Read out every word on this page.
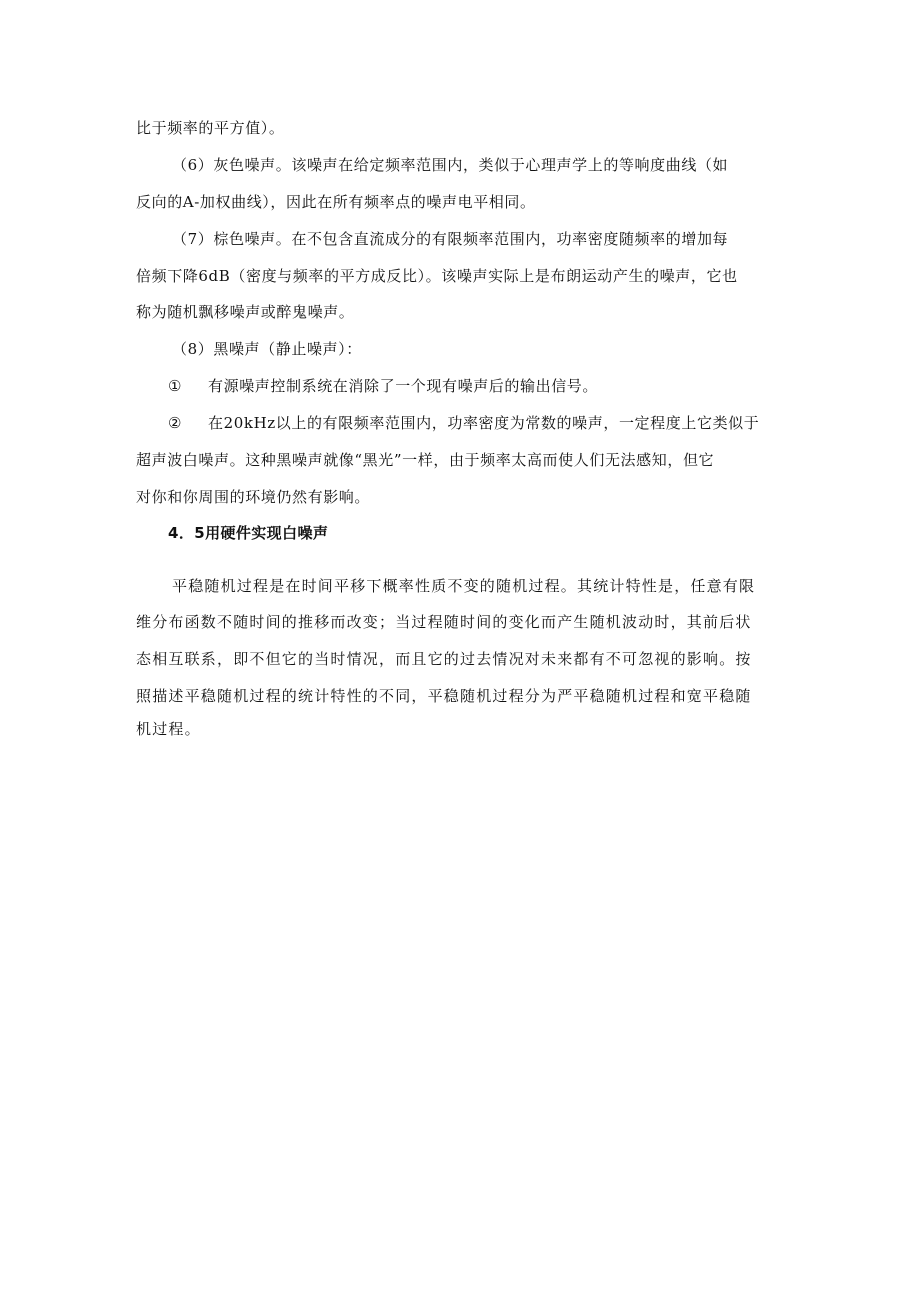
比于频率的平方值）。
（6）灰色噪声。该噪声在给定频率范围内，类似于心理声学上的等响度曲线（如
反向的A-加权曲线），因此在所有频率点的噪声电平相同。
（7）棕色噪声。在不包含直流成分的有限频率范围内，功率密度随频率的增加每
倍频下降6dB（密度与频率的平方成反比）。该噪声实际上是布朗运动产生的噪声，它也
称为随机飘移噪声或醉鬼噪声。
（8）黑噪声（静止噪声）：
① 有源噪声控制系统在消除了一个现有噪声后的输出信号。
② 在20kHz以上的有限频率范围内，功率密度为常数的噪声，一定程度上它类似于
超声波白噪声。这种黑噪声就像“黑光”一样，由于频率太高而使人们无法感知，但它
对你和你周围的环境仍然有影响。
4．5用硬件实现白噪声
平稳随机过程是在时间平移下概率性质不变的随机过程。其统计特性是，任意有限
维分布函数不随时间的推移而改变；当过程随时间的变化而产生随机波动时，其前后状
态相互联系，即不但它的当时情况，而且它的过去情况对未来都有不可忽视的影响。按
照描述平稳随机过程的统计特性的不同，平稳随机过程分为严平稳随机过程和宽平稳随
机过程。
